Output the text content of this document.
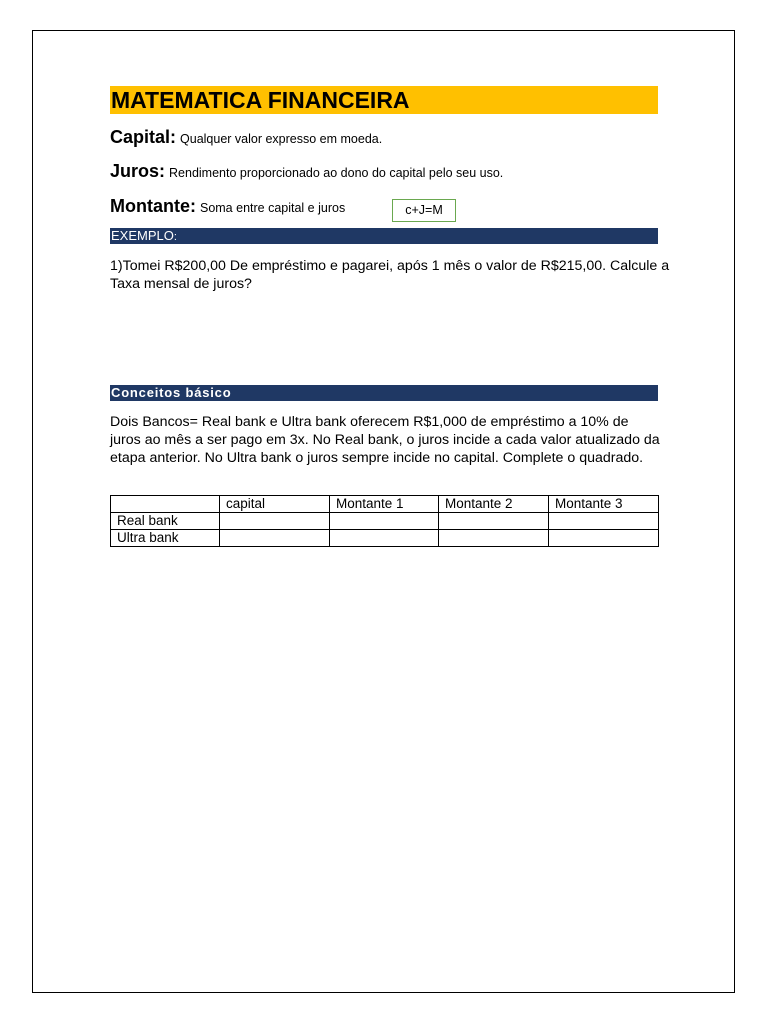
MATEMATICA FINANCEIRA
Capital: Qualquer valor expresso em moeda.
Juros: Rendimento proporcionado ao dono do capital pelo seu uso.
Montante: Soma entre capital e juros	c+J=M
EXEMPLO:
1)Tomei R$200,00 De empréstimo e pagarei, após 1 mês o valor de R$215,00. Calcule a Taxa mensal de juros?
Conceitos básico
Dois Bancos= Real bank e Ultra bank oferecem R$1,000 de empréstimo a 10% de juros ao mês a ser pago em 3x. No Real bank, o juros incide a cada valor atualizado da etapa anterior. No Ultra bank o juros sempre incide no capital. Complete o quadrado.
	capital	Montante 1	Montante 2	Montante 3
Real bank				
Ultra bank				
